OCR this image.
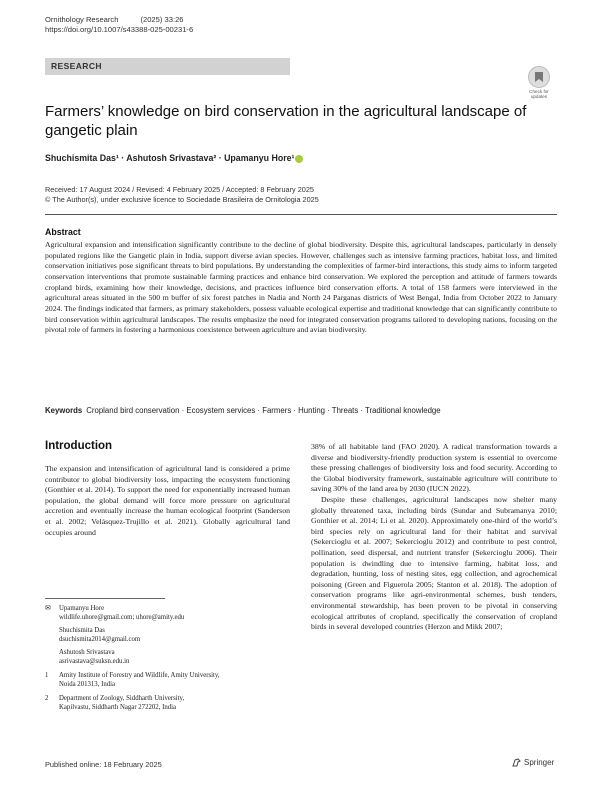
Ornithology Research	(2025) 33:26
https://doi.org/10.1007/s43388-025-00231-6
RESEARCH
Check for
updates
Farmers’ knowledge on bird conservation in the agricultural landscape of gangetic plain
Shuchismita Das¹ · Ashutosh Srivastava² · Upamanyu Hore¹
Received: 17 August 2024 / Revised: 4 February 2025 / Accepted: 8 February 2025
© The Author(s), under exclusive licence to Sociedade Brasileira de Ornitologia 2025
Abstract

Agricultural expansion and intensification significantly contribute to the decline of global biodiversity. Despite this, agricultural landscapes, particularly in densely populated regions like the Gangetic plain in India, support diverse avian species. However, challenges such as intensive farming practices, habitat loss, and limited conservation initiatives pose significant threats to bird populations. By understanding the complexities of farmer-bird interactions, this study aims to inform targeted conservation interventions that promote sustainable farming practices and enhance bird conservation. We explored the perception and attitude of farmers towards cropland birds, examining how their knowledge, decisions, and practices influence bird conservation efforts. A total of 158 farmers were interviewed in the agricultural areas situated in the 500 m buffer of six forest patches in Nadia and North 24 Parganas districts of West Bengal, India from October 2022 to January 2024. The findings indicated that farmers, as primary stakeholders, possess valuable ecological expertise and traditional knowledge that can significantly contribute to bird conservation within agricultural landscapes. The results emphasize the need for integrated conservation programs tailored to developing nations, focusing on the pivotal role of farmers in fostering a harmonious coexistence between agriculture and avian biodiversity.

Keywords Cropland bird conservation · Ecosystem services · Farmers · Hunting · Threats · Traditional knowledge
Introduction

The expansion and intensification of agricultural land is considered a prime contributor to global biodiversity loss, impacting the ecosystem functioning (Gonthier et al. 2014). To support the need for exponentially increased human population, the global demand will force more pressure on agricultural accretion and eventually increase the human ecological footprint (Sanderson et al. 2002; Velásquez-Trujillo et al. 2021). Globally agricultural land occupies around

38% of all habitable land (FAO 2020). A radical transformation towards a diverse and biodiversity-friendly production system is essential to overcome these pressing challenges of biodiversity loss and food security. According to the Global biodiversity framework, sustainable agriculture will contribute to saving 30% of the land area by 2030 (IUCN 2022).

Despite these challenges, agricultural landscapes now shelter many globally threatened taxa, including birds (Sundar and Subramanya 2010; Gonthier et al. 2014; Li et al. 2020). Approximately one-third of the world’s bird species rely on agricultural land for their habitat and survival (Sekercioglu et al. 2007; Sekercioglu 2012) and contribute to pest control, pollination, seed dispersal, and nutrient transfer (Sekercioglu 2006). Their population is dwindling due to intensive farming, habitat loss, and degradation, hunting, loss of nesting sites, egg collection, and agrochemical poisoning (Green and Figuerola 2005; Stanton et al. 2018). The adoption of conservation programs like agri-environmental schemes, bush tenders, environmental stewardship, has been proven to be pivotal in conserving ecological attributes of cropland, specifically the conservation of cropland birds in several developed countries (Herzon and Mikk 2007;

✉	Upamanyu Hore
wildlife.uhore@gmail.com; uhore@amity.edu
Shuchismita Das
dsuchismita2014@gmail.com
Ashutosh Srivastava
asrivastava@suksn.edu.in
1	Amity Institute of Forestry and Wildlife, Amity University,
Noida 201313, India
2	Department of Zoology, Siddharth University,
Kapilvastu, Siddharth Nagar 272202, India
Published online: 18 February 2025	Springer
